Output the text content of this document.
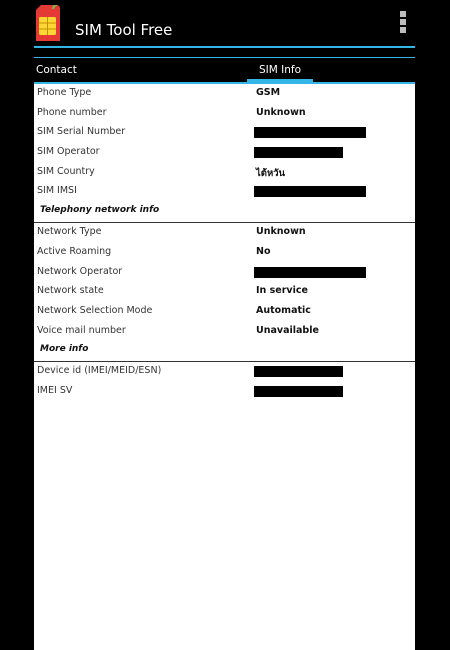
SIM Tool Free
Contact	SIM Info
Phone Type	GSM
Phone number	Unknown
SIM Serial Number
SIM Operator
SIM Country	ไต้หวัน
SIM IMSI
Telephony network info
Network Type	Unknown
Active Roaming	No
Network Operator
Network state	In service
Network Selection Mode	Automatic
Voice mail number	Unavailable
More info
Device id (IMEI/MEID/ESN)
IMEI SV
